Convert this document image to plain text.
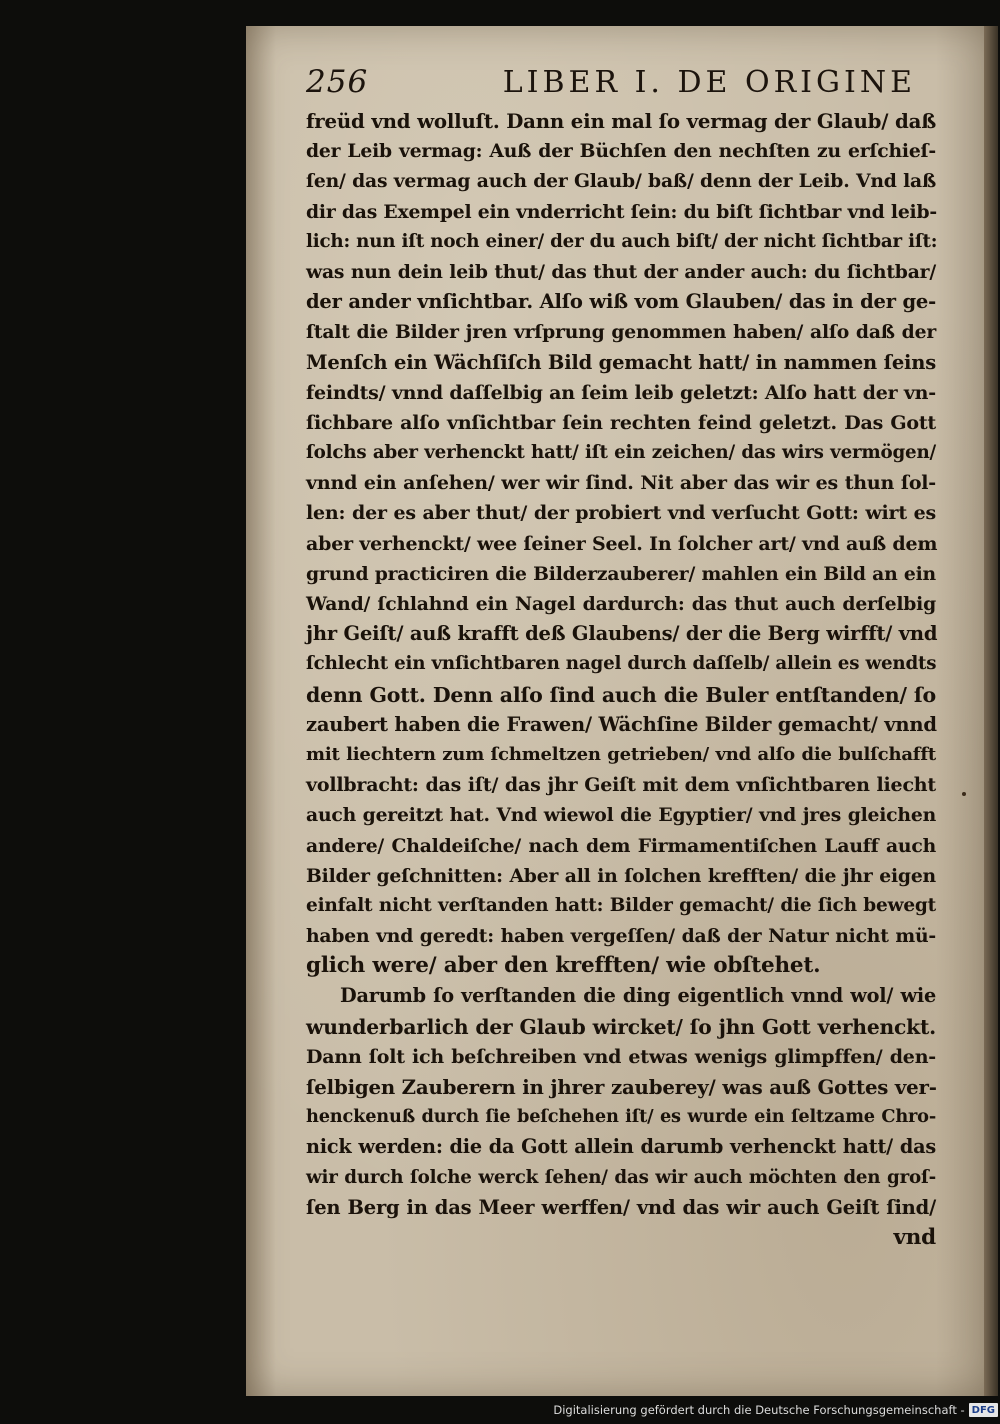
256	LIBER I. DE ORIGINE
freüd vnd wolluſt. Dann ein mal ſo vermag der Glaub/ daß
der Leib vermag: Auß der Büchſen den nechſten zu erſchieſ-
ſen/ das vermag auch der Glaub/ baß/ denn der Leib. Vnd laß
dir das Exempel ein vnderricht ſein: du biſt ſichtbar vnd leib-
lich: nun iſt noch einer/ der du auch biſt/ der nicht ſichtbar iſt:
was nun dein leib thut/ das thut der ander auch: du ſichtbar/
der ander vnſichtbar. Alſo wiß vom Glauben/ das in der ge-
ſtalt die Bilder jren vrſprung genommen haben/ alſo daß der
Menſch ein Wächſiſch Bild gemacht hatt/ in nammen ſeins
feindts/ vnnd daſſelbig an ſeim leib geletzt: Alſo hatt der vn-
ſichbare alſo vnſichtbar ſein rechten feind geletzt. Das Gott
ſolchs aber verhenckt hatt/ iſt ein zeichen/ das wirs vermögen/
vnnd ein anſehen/ wer wir ſind. Nit aber das wir es thun ſol-
len: der es aber thut/ der probiert vnd verſucht Gott: wirt es
aber verhenckt/ wee ſeiner Seel. In ſolcher art/ vnd auß dem
grund practiciren die Bilderzauberer/ mahlen ein Bild an ein
Wand/ ſchlahnd ein Nagel dardurch: das thut auch derſelbig
jhr Geiſt/ auß krafft deß Glaubens/ der die Berg wirfft/ vnd
ſchlecht ein vnſichtbaren nagel durch daſſelb/ allein es wendts
denn Gott. Denn alſo ſind auch die Buler entſtanden/ ſo
zaubert haben die Frawen/ Wächſine Bilder gemacht/ vnnd
mit liechtern zum ſchmeltzen getrieben/ vnd alſo die bulſchafft
vollbracht: das iſt/ das jhr Geiſt mit dem vnſichtbaren liecht
auch gereitzt hat. Vnd wiewol die Egyptier/ vnd jres gleichen
andere/ Chaldeiſche/ nach dem Firmamentiſchen Lauff auch
Bilder geſchnitten: Aber all in ſolchen krefften/ die jhr eigen
einfalt nicht verſtanden hatt: Bilder gemacht/ die ſich bewegt
haben vnd geredt: haben vergeſſen/ daß der Natur nicht mü-
glich were/ aber den krefften/ wie obſtehet.
Darumb ſo verſtanden die ding eigentlich vnnd wol/ wie
wunderbarlich der Glaub wircket/ ſo jhn Gott verhenckt.
Dann ſolt ich beſchreiben vnd etwas wenigs glimpffen/ den-
ſelbigen Zauberern in jhrer zauberey/ was auß Gottes ver-
henckenuß durch ſie beſchehen iſt/ es wurde ein ſeltzame Chro-
nick werden: die da Gott allein darumb verhenckt hatt/ das
wir durch ſolche werck ſehen/ das wir auch möchten den groſ-
ſen Berg in das Meer werffen/ vnd das wir auch Geiſt ſind/
vnd
Digitalisierung gefördert durch die Deutsche Forschungsgemeinschaft - DFG
